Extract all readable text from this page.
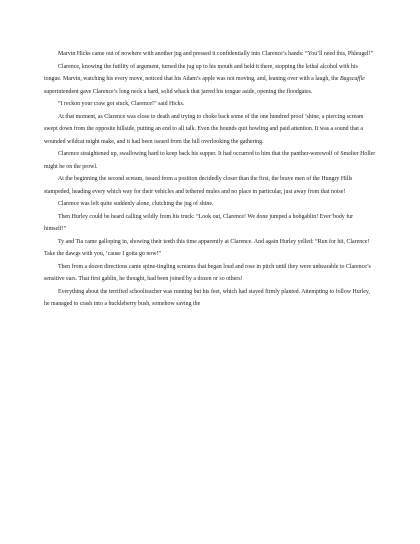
Marvin Hicks came out of nowhere with another jug and pressed it confidentially into Clarence’s hands: “You’ll need this, Phleugel!”

Clarence, knowing the futility of argument, turned the jug up to his mouth and held it there, stopping the lethal alcohol with his tongue. Marvin, watching his every move, noticed that his Adam’s apple was not moving, and, leaning over with a laugh, the Bugscuffle superintendent gave Clarence’s long neck a hard, solid whack that jarred his tongue aside, opening the floodgates.

“I reckon your craw got stuck, Clarence!” said Hicks.

At that moment, as Clarence was close to death and trying to choke back some of the one hundred proof ’shine, a piercing scream swept down from the opposite hillside, putting an end to all talk. Even the hounds quit howling and paid attention. It was a sound that a wounded wildcat might make, and it had been issued from the hill overlooking the gathering.

Clarence straightened up, swallowing hard to keep back his supper. It had occurred to him that the panther-werewolf of Smelter Holler might be on the prowl.

At the beginning the second scream, issued from a position decidedly closer than the first, the brave men of the Hungry Hills stampeded, heading every which way for their vehicles and tethered mules and no place in particular, just away from that noise!

Clarence was left quite suddenly alone, clutching the jug of shine.

Then Hurley could be heard calling wildly from his truck: “Look out, Clarence! We done jumped a hobgablin! Ever’body fur himself!”

Ty and Tia came galloping in, showing their teeth this time apparently at Clarence. And again Hurley yelled: “Run for hit, Clarence! Take the dawgs with you, ’cause I gotta go now!”

Then from a dozen directions came spine-tingling screams that began loud and rose in pitch until they were unbearable to Clarence’s sensitive ears. That first gablin, he thought, had been joined by a dozen or so others!

Everything about the terrified schoolteacher was running but his feet, which had stayed firmly planted. Attempting to follow Hurley, he managed to crash into a huckleberry bush, somehow saving the
